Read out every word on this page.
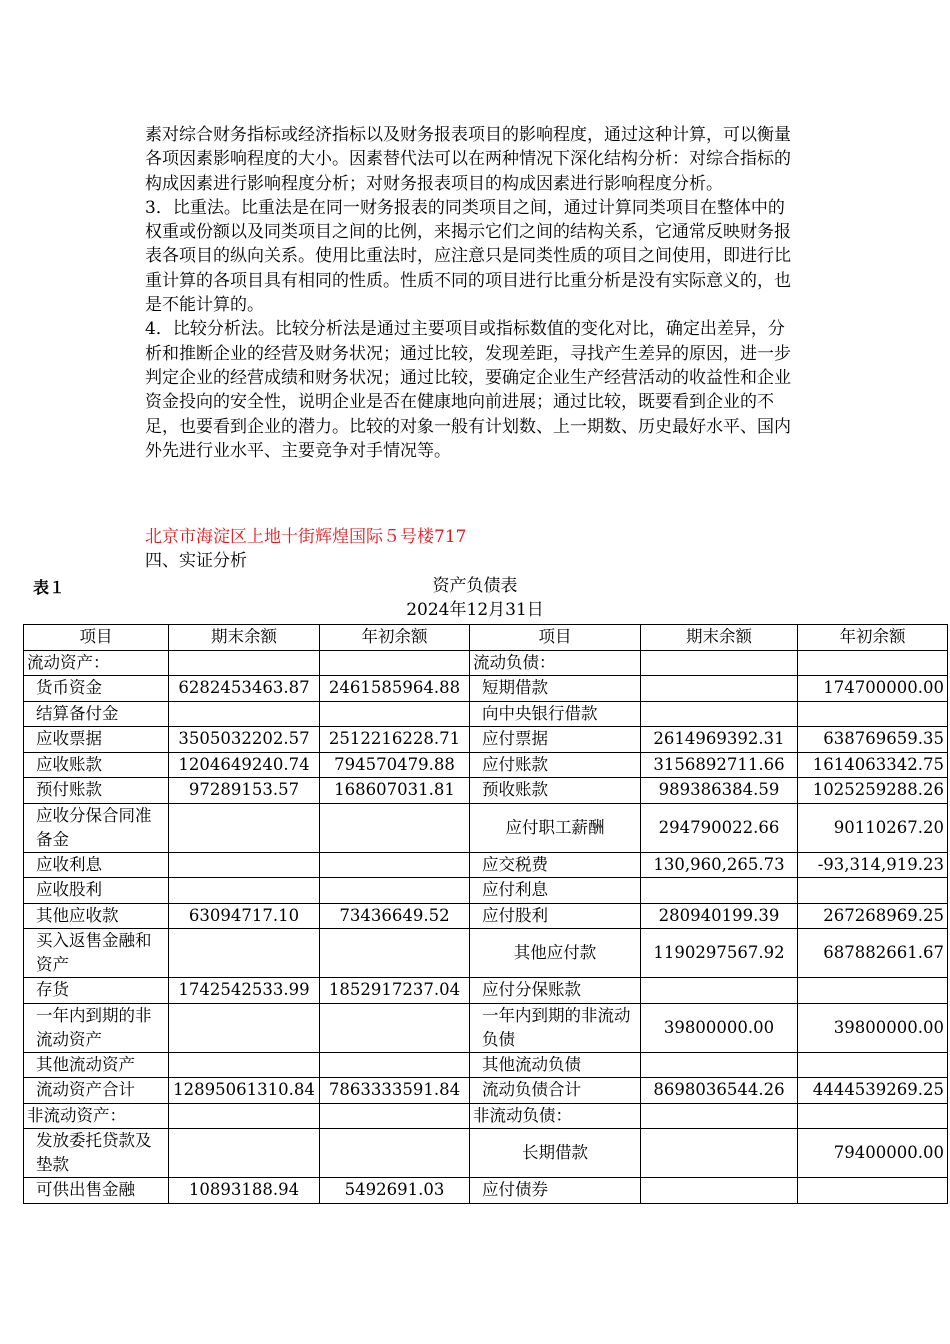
素对综合财务指标或经济指标以及财务报表项目的影响程度，通过这种计算，可以衡量各项因素影响程度的大小。因素替代法可以在两种情况下深化结构分析：对综合指标的构成因素进行影响程度分析；对财务报表项目的构成因素进行影响程度分析。
3．比重法。比重法是在同一财务报表的同类项目之间，通过计算同类项目在整体中的权重或份额以及同类项目之间的比例，来揭示它们之间的结构关系，它通常反映财务报表各项目的纵向关系。使用比重法时，应注意只是同类性质的项目之间使用，即进行比重计算的各项目具有相同的性质。性质不同的项目进行比重分析是没有实际意义的，也是不能计算的。
4．比较分析法。比较分析法是通过主要项目或指标数值的变化对比，确定出差异，分析和推断企业的经营及财务状况；通过比较，发现差距，寻找产生差异的原因，进一步判定企业的经营成绩和财务状况；通过比较，要确定企业生产经营活动的收益性和企业资金投向的安全性，说明企业是否在健康地向前进展；通过比较，既要看到企业的不足，也要看到企业的潜力。比较的对象一般有计划数、上一期数、历史最好水平、国内外先进行业水平、主要竞争对手情况等。
北京市海淀区上地十街辉煌国际５号楼717
四、实证分析
表１	资产负债表
2024年12月31日
项目	期末余额	年初余额	项目	期末余额	年初余额
流动资产：			流动负债：		
货币资金	6282453463.87	2461585964.88	短期借款		174700000.00
结算备付金			向中央银行借款		
应收票据	3505032202.57	2512216228.71	应付票据	2614969392.31	638769659.35
应收账款	1204649240.74	794570479.88	应付账款	3156892711.66	1614063342.75
预付账款	97289153.57	168607031.81	预收账款	989386384.59	1025259288.26
应收分保合同准备金			应付职工薪酬	294790022.66	90110267.20
应收利息			应交税费	130,960,265.73	-93,314,919.23
应收股利			应付利息		
其他应收款	63094717.10	73436649.52	应付股利	280940199.39	267268969.25
买入返售金融和资产			其他应付款	1190297567.92	687882661.67
存货	1742542533.99	1852917237.04	应付分保账款		
一年内到期的非流动资产			一年内到期的非流动负债	39800000.00	39800000.00
其他流动资产			其他流动负债		
流动资产合计	12895061310.84	7863333591.84	流动负债合计	8698036544.26	4444539269.25
非流动资产：			非流动负债：		
发放委托贷款及垫款			长期借款		79400000.00
可供出售金融	10893188.94	5492691.03	应付债券		
